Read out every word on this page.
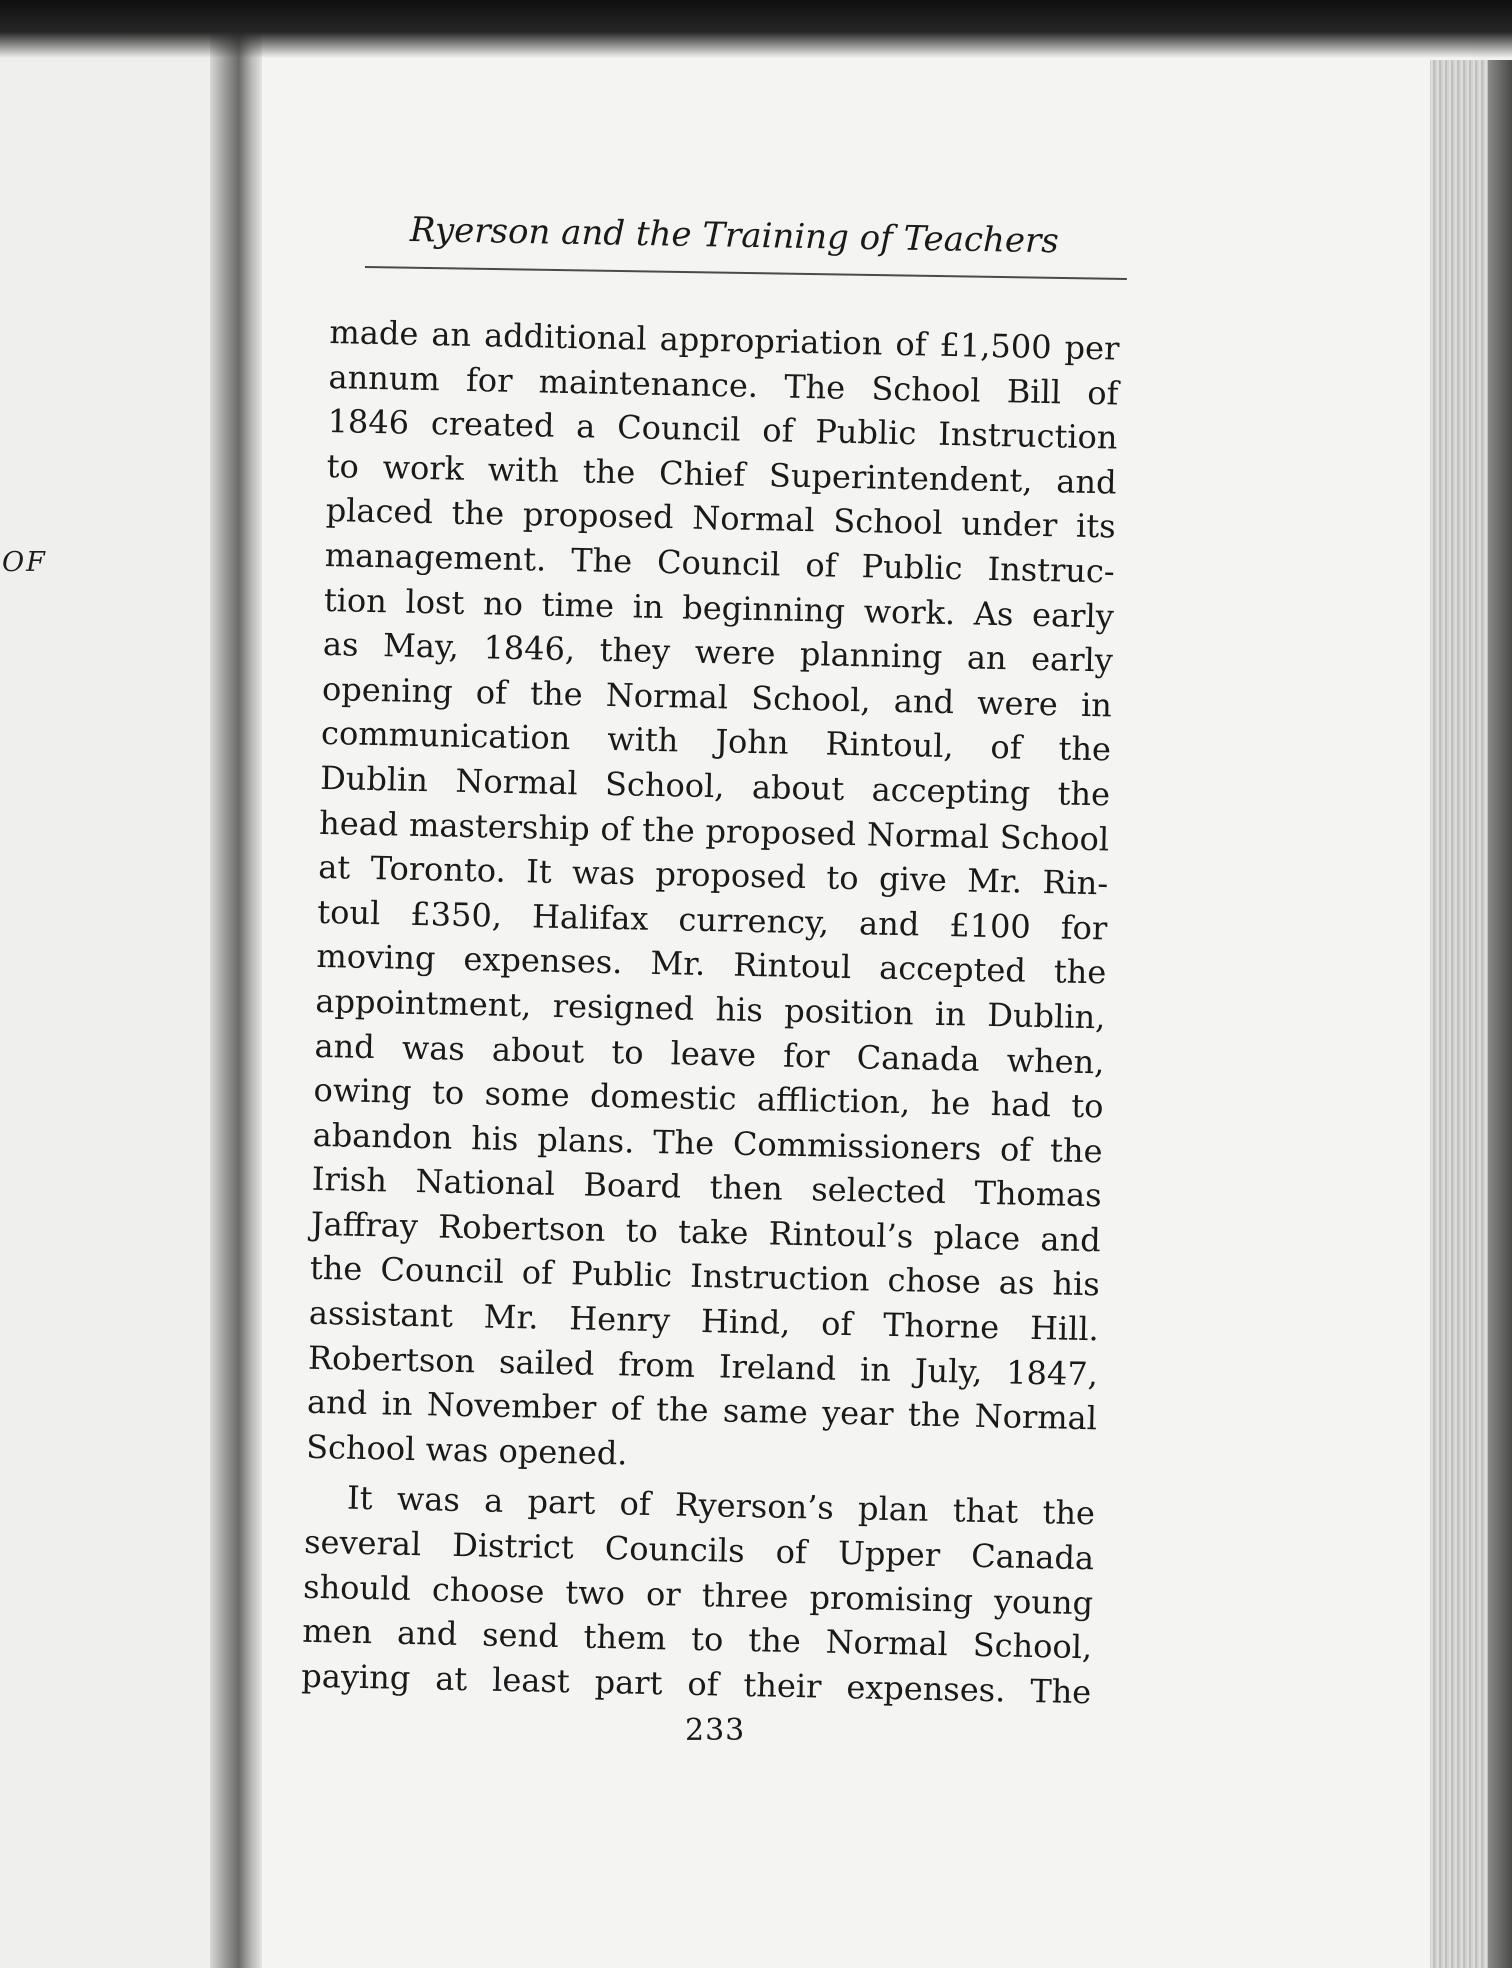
OF
Ryerson and the Training of Teachers
made an additional appropriation of £1,500 per
annum for maintenance. The School Bill of
1846 created a Council of Public Instruction
to work with the Chief Superintendent, and
placed the proposed Normal School under its
management. The Council of Public Instruc-
tion lost no time in beginning work. As early
as May, 1846, they were planning an early
opening of the Normal School, and were in
communication with John Rintoul, of the
Dublin Normal School, about accepting the
head mastership of the proposed Normal School
at Toronto. It was proposed to give Mr. Rin-
toul £350, Halifax currency, and £100 for
moving expenses. Mr. Rintoul accepted the
appointment, resigned his position in Dublin,
and was about to leave for Canada when,
owing to some domestic affliction, he had to
abandon his plans. The Commissioners of the
Irish National Board then selected Thomas
Jaffray Robertson to take Rintoul’s place and
the Council of Public Instruction chose as his
assistant Mr. Henry Hind, of Thorne Hill.
Robertson sailed from Ireland in July, 1847,
and in November of the same year the Normal
School was opened.
It was a part of Ryerson’s plan that the
several District Councils of Upper Canada
should choose two or three promising young
men and send them to the Normal School,
paying at least part of their expenses. The
233
